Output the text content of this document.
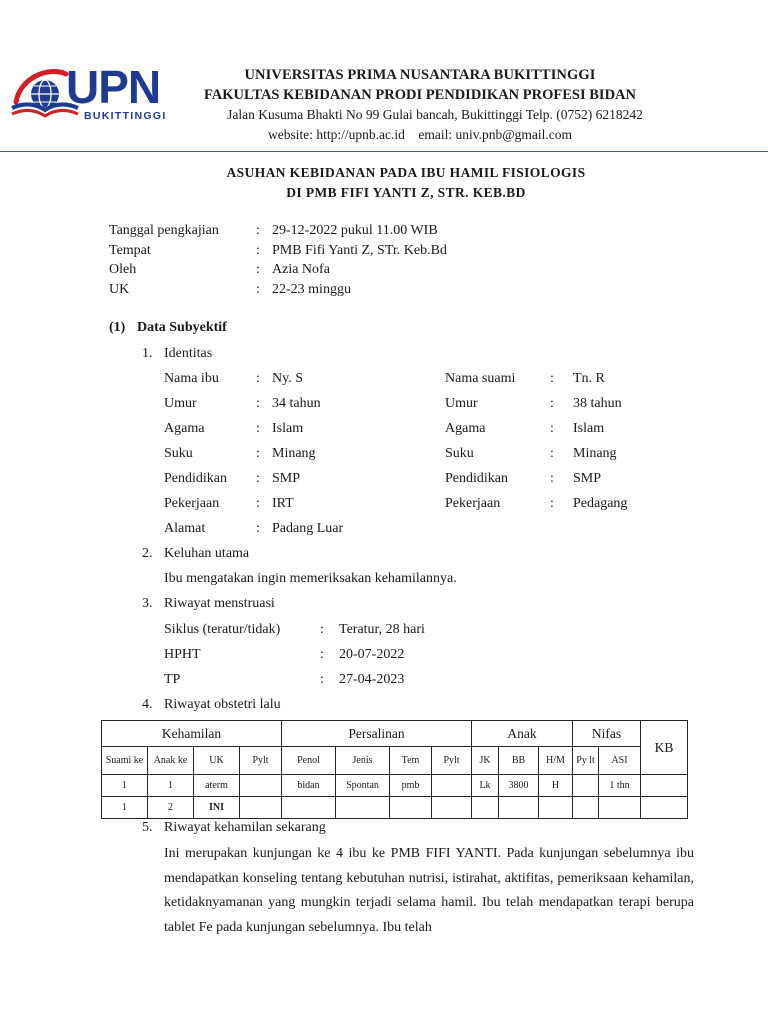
UPN
BUKITTINGGI
UNIVERSITAS PRIMA NUSANTARA BUKITTINGGI
FAKULTAS KEBIDANAN PRODI PENDIDIKAN PROFESI BIDAN
Jalan Kusuma Bhakti No 99 Gulai bancah, Bukittinggi Telp. (0752) 6218242
website: http://upnb.ac.id    email: univ.pnb@gmail.com
ASUHAN KEBIDANAN PADA IBU HAMIL FISIOLOGIS
DI PMB FIFI YANTI Z, STR. KEB.BD
Tanggal pengkajian	: 29-12-2022 pukul 11.00 WIB
Tempat	: PMB Fifi Yanti Z, STr. Keb.Bd
Oleh	: Azia Nofa
UK	: 22-23 minggu
(1) Data Subyektif
1. Identitas
Nama ibu	: Ny. S	Nama suami : Tn. R
Umur	: 34 tahun	Umur	: 38 tahun
Agama	: Islam	Agama	: Islam
Suku	: Minang	Suku	: Minang
Pendidikan : SMP	Pendidikan	: SMP
Pekerjaan	: IRT	Pekerjaan	: Pedagang
Alamat	: Padang Luar
2. Keluhan utama
Ibu mengatakan ingin memeriksakan kehamilannya.
3. Riwayat menstruasi
Siklus (teratur/tidak)	: Teratur, 28 hari
HPHT	: 20-07-2022
TP	: 27-04-2023
4. Riwayat obstetri lalu
Kehamilan				Persalinan				Anak			Nifas		KB
Suami ke	Anak ke	UK	Pylt	Penol	Jenis	Tem	Pylt	JK	BB	H/M	Py lt	ASI	
1	1	aterm		bidan	Spontan	pmb		Lk	3800	H		1 thn	
1	2	INI											
5. Riwayat kehamilan sekarang
Ini merupakan kunjungan ke 4 ibu ke PMB FIFI YANTI. Pada kunjungan sebelumnya ibu mendapatkan konseling tentang kebutuhan nutrisi, istirahat, aktifitas, pemeriksaan kehamilan, ketidaknyamanan yang mungkin terjadi selama hamil. Ibu telah mendapatkan terapi berupa tablet Fe pada kunjungan sebelumnya. Ibu telah
